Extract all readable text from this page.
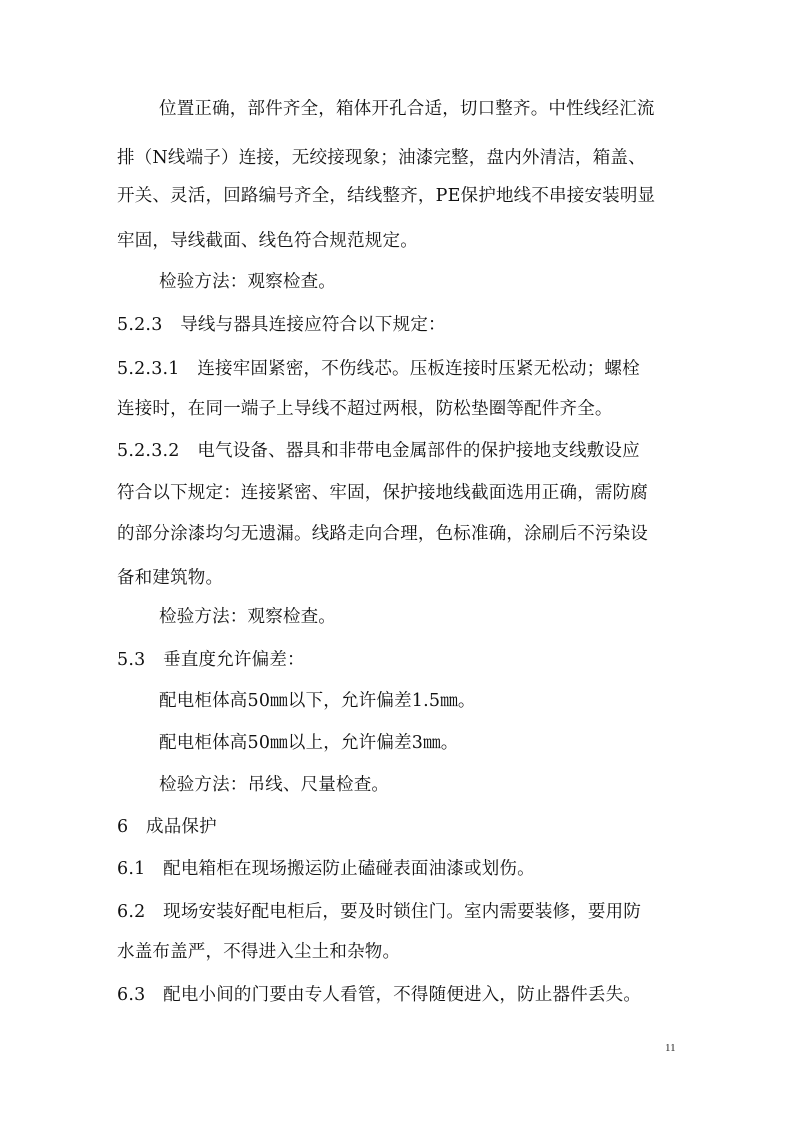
位置正确，部件齐全，箱体开孔合适，切口整齐。中性线经汇流
排（N线端子）连接，无绞接现象；油漆完整，盘内外清洁，箱盖、
开关、灵活，回路编号齐全，结线整齐，PE保护地线不串接安装明显
牢固，导线截面、线色符合规范规定。
检验方法：观察检查。
5.2.3　导线与器具连接应符合以下规定：
5.2.3.1　连接牢固紧密，不伤线芯。压板连接时压紧无松动；螺栓
连接时，在同一端子上导线不超过两根，防松垫圈等配件齐全。
5.2.3.2　电气设备、器具和非带电金属部件的保护接地支线敷设应
符合以下规定：连接紧密、牢固，保护接地线截面选用正确，需防腐
的部分涂漆均匀无遗漏。线路走向合理，色标准确，涂刷后不污染设
备和建筑物。
检验方法：观察检查。
5.3　垂直度允许偏差：
配电柜体高50㎜以下，允许偏差1.5㎜。
配电柜体高50㎜以上，允许偏差3㎜。
检验方法：吊线、尺量检查。
6　成品保护
6.1　配电箱柜在现场搬运防止磕碰表面油漆或划伤。
6.2　现场安装好配电柜后，要及时锁住门。室内需要装修，要用防
水盖布盖严，不得进入尘土和杂物。
6.3　配电小间的门要由专人看管，不得随便进入，防止器件丢失。
11
